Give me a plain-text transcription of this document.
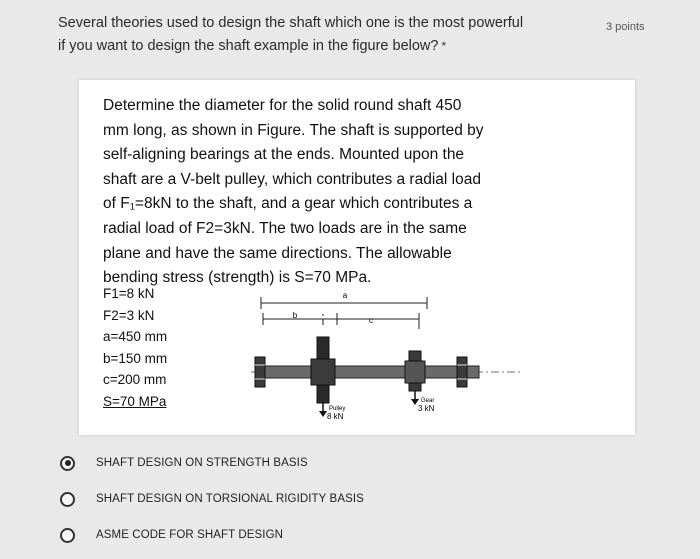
Several theories used to design the shaft which one is the most powerful
if you want to design the shaft example in the figure below? *
3 points
Determine the diameter for the solid round shaft 450
mm long, as shown in Figure. The shaft is supported by
self-aligning bearings at the ends. Mounted upon the
shaft are a V-belt pulley, which contributes a radial load
of F₁=8kN to the shaft, and a gear which contributes a
radial load of F2=3kN. The two loads are in the same
plane and have the same directions. The allowable
bending stress (strength) is S=70 MPa.
F1=8 kN
F2=3 kN
a=450 mm
b=150 mm
c=200 mm
S=70 MPa
a
b
c
Pulley
8 kN
Gear
3 kN
SHAFT DESIGN ON STRENGTH BASIS
SHAFT DESIGN ON TORSIONAL RIGIDITY BASIS
ASME CODE FOR SHAFT DESIGN
